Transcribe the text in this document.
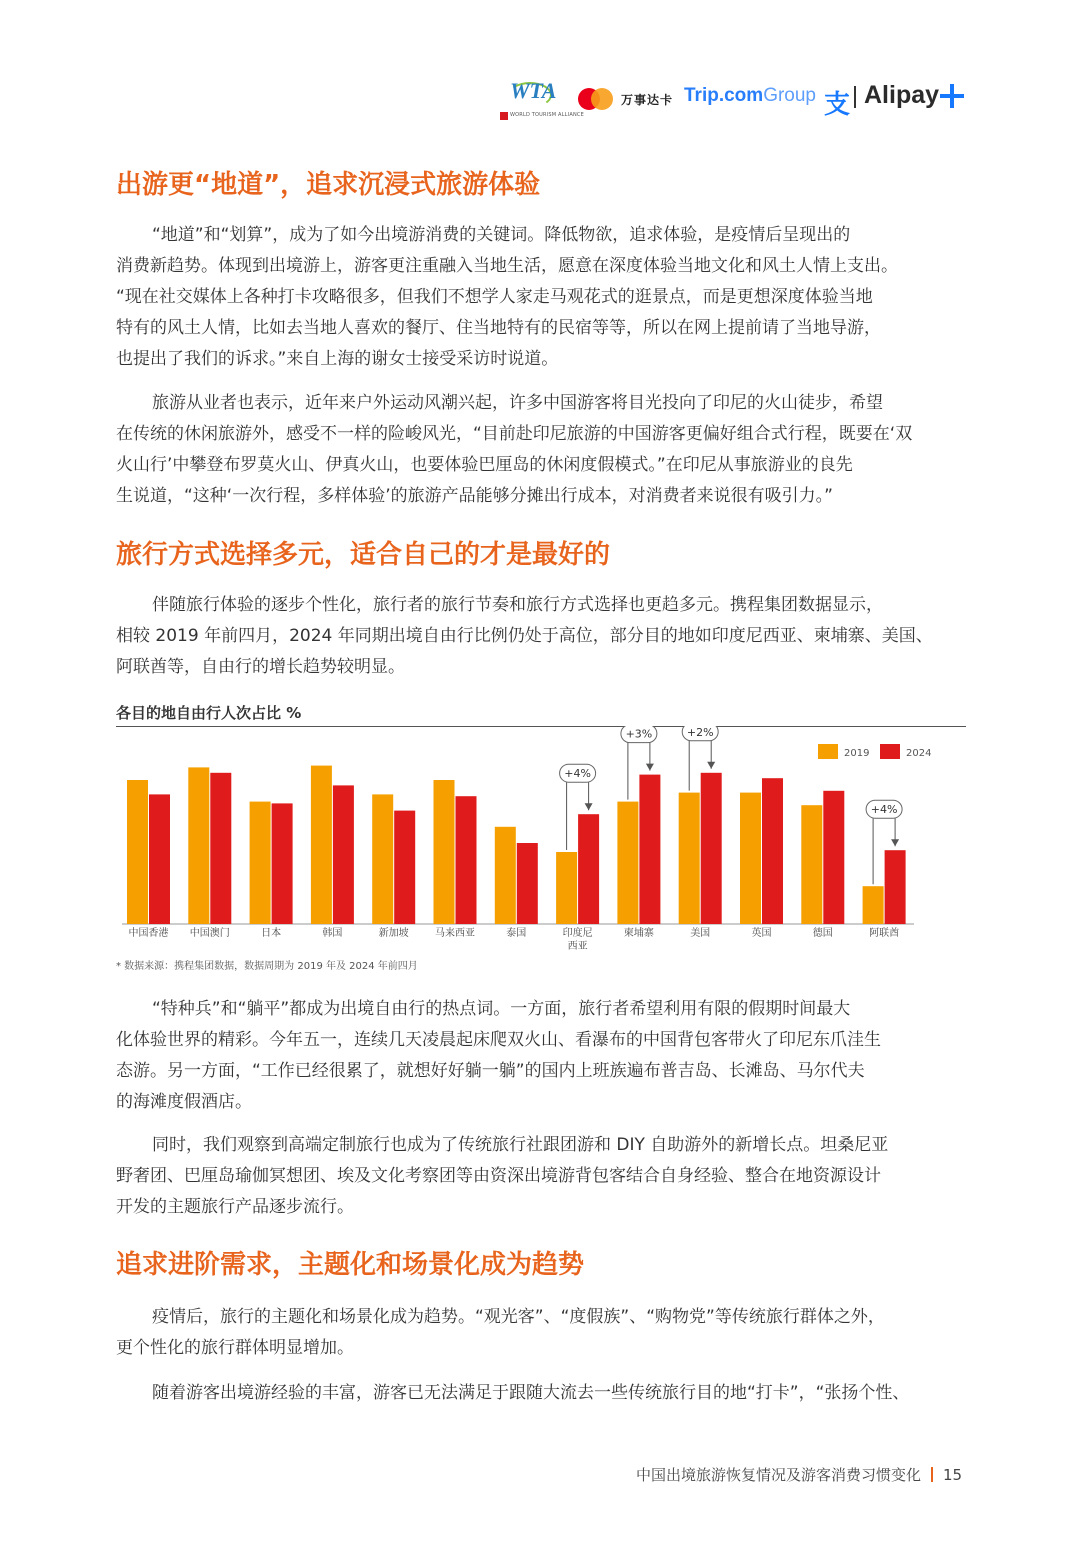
WTA
WORLD TOURISM ALLIANCE
万事达卡 Trip.comGroup 支 Alipay
出游更“地道”，追求沉浸式旅游体验
“地道”和“划算”，成为了如今出境游消费的关键词。降低物欲，追求体验，是疫情后呈现出的
消费新趋势。体现到出境游上，游客更注重融入当地生活，愿意在深度体验当地文化和风土人情上支出。
“现在社交媒体上各种打卡攻略很多，但我们不想学人家走马观花式的逛景点，而是更想深度体验当地
特有的风土人情，比如去当地人喜欢的餐厅、住当地特有的民宿等等，所以在网上提前请了当地导游，
也提出了我们的诉求。”来自上海的谢女士接受采访时说道。
旅游从业者也表示，近年来户外运动风潮兴起，许多中国游客将目光投向了印尼的火山徒步，希望
在传统的休闲旅游外，感受不一样的险峻风光，“目前赴印尼旅游的中国游客更偏好组合式行程，既要在‘双
火山行’中攀登布罗莫火山、伊真火山，也要体验巴厘岛的休闲度假模式。”在印尼从事旅游业的良先
生说道，“这种‘一次行程，多样体验’的旅游产品能够分摊出行成本，对消费者来说很有吸引力。”
旅行方式选择多元，适合自己的才是最好的
伴随旅行体验的逐步个性化，旅行者的旅行节奏和旅行方式选择也更趋多元。携程集团数据显示，
相较 2019 年前四月，2024 年同期出境自由行比例仍处于高位，部分目的地如印度尼西亚、柬埔寨、美国、
阿联酋等，自由行的增长趋势较明显。
各目的地自由行人次占比 %
中国香港 中国澳门	日本	韩国	新加坡	马来西亚	泰国	印度尼
西亚
柬埔寨	美国	英国	德国	阿联酋
+4%
+3%	+2%
+4%
2019	2024
* 数据来源：携程集团数据，数据周期为 2019 年及 2024 年前四月
“特种兵”和“躺平”都成为出境自由行的热点词。一方面，旅行者希望利用有限的假期时间最大
化体验世界的精彩。今年五一，连续几天凌晨起床爬双火山、看瀑布的中国背包客带火了印尼东爪洼生
态游。另一方面，“工作已经很累了，就想好好躺一躺”的国内上班族遍布普吉岛、长滩岛、马尔代夫
的海滩度假酒店。
同时，我们观察到高端定制旅行也成为了传统旅行社跟团游和 DIY 自助游外的新增长点。坦桑尼亚
野奢团、巴厘岛瑜伽冥想团、埃及文化考察团等由资深出境游背包客结合自身经验、整合在地资源设计
开发的主题旅行产品逐步流行。
追求进阶需求，主题化和场景化成为趋势
疫情后，旅行的主题化和场景化成为趋势。“观光客”、“度假族”、“购物党”等传统旅行群体之外，
更个性化的旅行群体明显增加。
随着游客出境游经验的丰富，游客已无法满足于跟随大流去一些传统旅行目的地“打卡”，“张扬个性、
中国出境旅游恢复情况及游客消费习惯变化 15
